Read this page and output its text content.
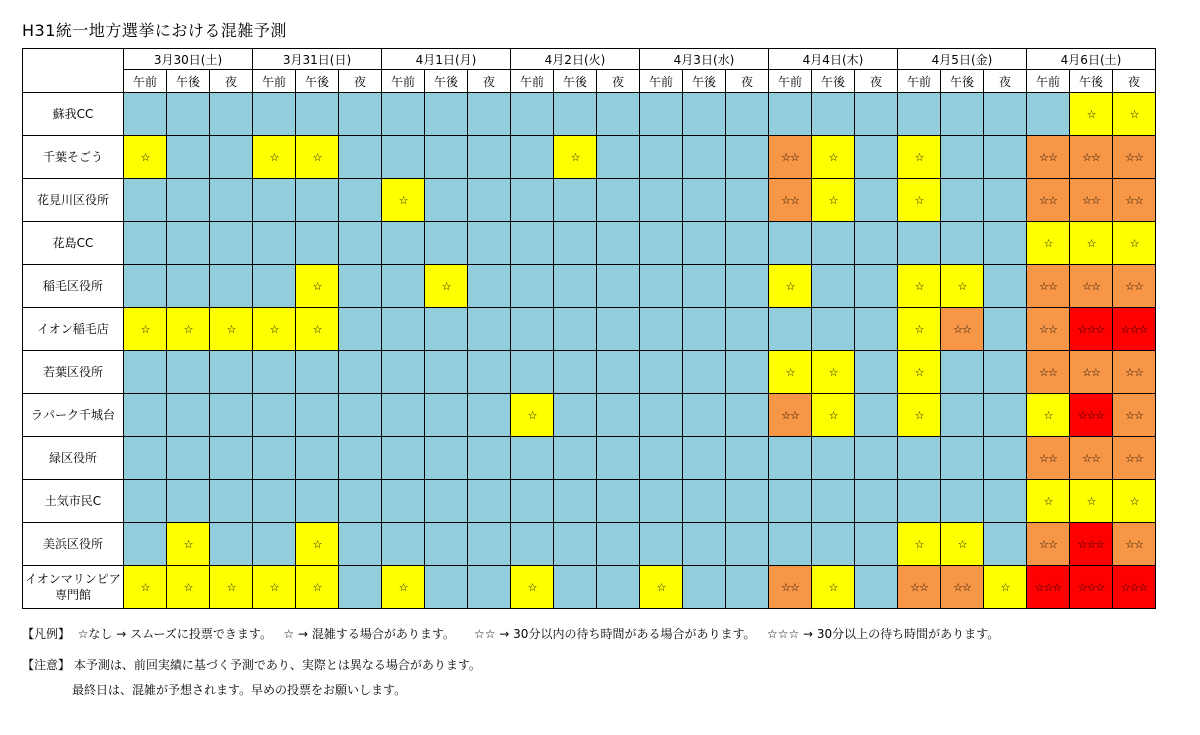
H31統一地方選挙における混雑予測
	3月30日(土)			3月31日(日)			4月1日(月)			4月2日(火)			4月3日(水)			4月4日(木)			4月5日(金)			4月6日(土)		
	午前	午後	夜	午前	午後	夜	午前	午後	夜	午前	午後	夜	午前	午後	夜	午前	午後	夜	午前	午後	夜	午前	午後	夜
蘇我CC																							☆	☆
千葉そごう	☆			☆	☆						☆					☆☆	☆		☆			☆☆	☆☆	☆☆
花見川区役所							☆									☆☆	☆		☆			☆☆	☆☆	☆☆
花島CC																						☆	☆	☆
稲毛区役所					☆			☆								☆			☆	☆		☆☆	☆☆	☆☆
イオン稲毛店	☆	☆	☆	☆	☆														☆	☆☆		☆☆	☆☆☆	☆☆☆
若葉区役所																☆	☆		☆			☆☆	☆☆	☆☆
ラパーク千城台										☆						☆☆	☆		☆			☆	☆☆☆	☆☆
緑区役所																						☆☆	☆☆	☆☆
土気市民C																						☆	☆	☆
美浜区役所		☆			☆														☆	☆		☆☆	☆☆☆	☆☆
イオンマリンピア
専門館	☆	☆	☆	☆	☆		☆			☆			☆			☆☆	☆		☆☆	☆☆	☆	☆☆☆	☆☆☆	☆☆☆
【凡例】 ☆なし → スムーズに投票できます。 ☆ → 混雑する場合があります。 ☆☆ → 30分以内の待ち時間がある場合があります。 ☆☆☆ → 30分以上の待ち時間があります。
【注意】 本予測は、前回実績に基づく予測であり、実際とは異なる場合があります。
最終日は、混雑が予想されます。早めの投票をお願いします。
